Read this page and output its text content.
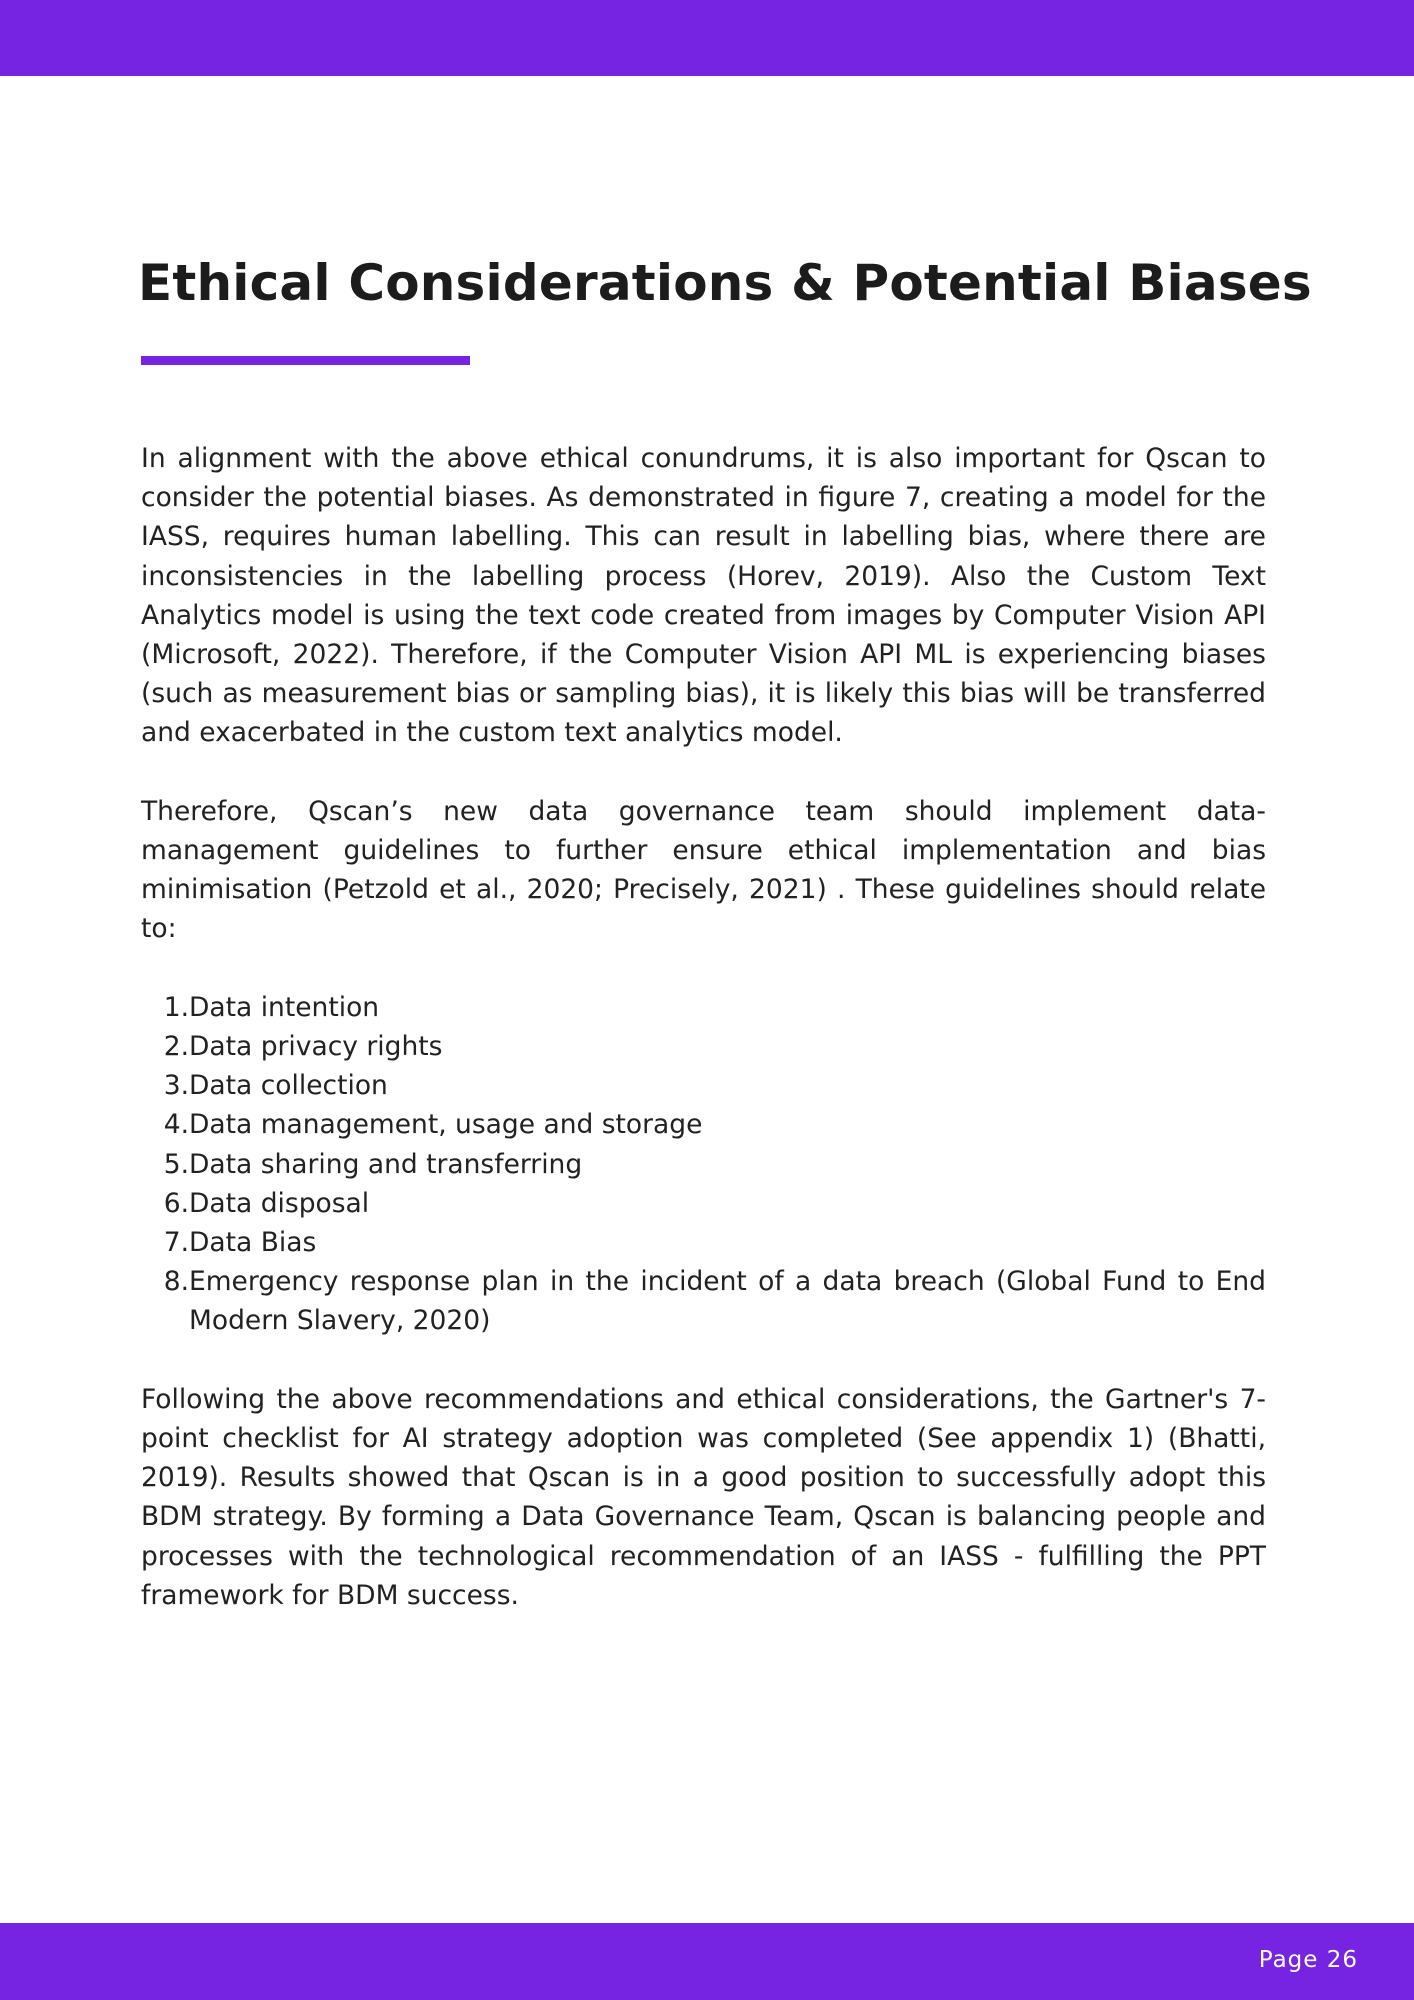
Ethical Considerations & Potential Biases

In alignment with the above ethical conundrums, it is also important for Qscan to consider the potential biases. As demonstrated in figure 7, creating a model for the IASS, requires human labelling. This can result in labelling bias, where there are inconsistencies in the labelling process (Horev, 2019). Also the Custom Text Analytics model is using the text code created from images by Computer Vision API (Microsoft, 2022). Therefore, if the Computer Vision API ML is experiencing biases (such as measurement bias or sampling bias), it is likely this bias will be transferred and exacerbated in the custom text analytics model.

Therefore, Qscan’s new data governance team should implement data-management guidelines to further ensure ethical implementation and bias minimisation (Petzold et al., 2020; Precisely, 2021) . These guidelines should relate to:

1. Data intention
2. Data privacy rights
3. Data collection
4. Data management, usage and storage
5. Data sharing and transferring
6. Data disposal
7. Data Bias
8. Emergency response plan in the incident of a data breach (Global Fund to End Modern Slavery, 2020)

Following the above recommendations and ethical considerations, the Gartner's 7-point checklist for AI strategy adoption was completed (See appendix 1) (Bhatti, 2019). Results showed that Qscan is in a good position to successfully adopt this BDM strategy. By forming a Data Governance Team, Qscan is balancing people and processes with the technological recommendation of an IASS - fulfilling the PPT framework for BDM success.

Page 26
